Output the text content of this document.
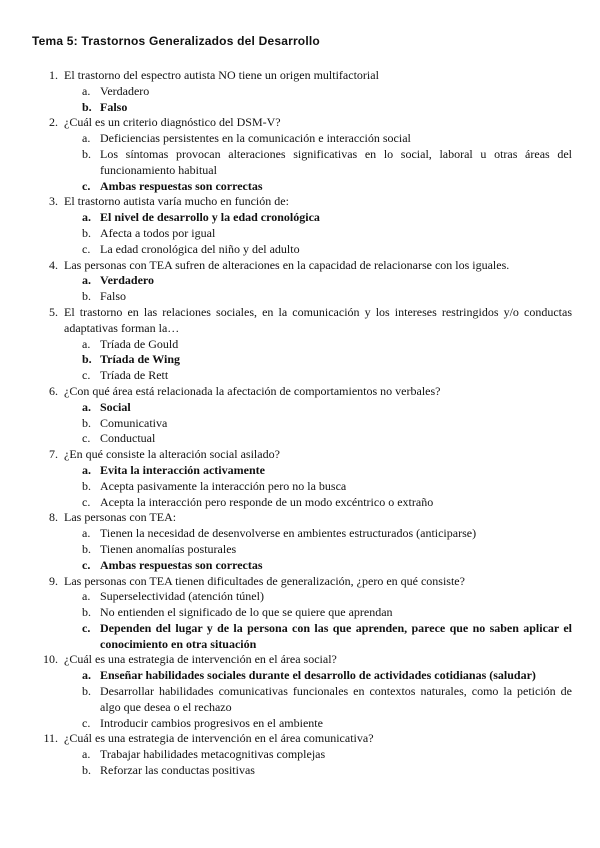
Tema 5: Trastornos Generalizados del Desarrollo
1. El trastorno del espectro autista NO tiene un origen multifactorial
a. Verdadero
b. Falso
2. ¿Cuál es un criterio diagnóstico del DSM-V?
a. Deficiencias persistentes en la comunicación e interacción social
b. Los síntomas provocan alteraciones significativas en lo social, laboral u otras áreas del funcionamiento habitual
c. Ambas respuestas son correctas
3. El trastorno autista varía mucho en función de:
a. El nivel de desarrollo y la edad cronológica
b. Afecta a todos por igual
c. La edad cronológica del niño y del adulto
4. Las personas con TEA sufren de alteraciones en la capacidad de relacionarse con los iguales.
a. Verdadero
b. Falso
5. El trastorno en las relaciones sociales, en la comunicación y los intereses restringidos y/o conductas adaptativas forman la…
a. Tríada de Gould
b. Tríada de Wing
c. Tríada de Rett
6. ¿Con qué área está relacionada la afectación de comportamientos no verbales?
a. Social
b. Comunicativa
c. Conductual
7. ¿En qué consiste la alteración social asilado?
a. Evita la interacción activamente
b. Acepta pasivamente la interacción pero no la busca
c. Acepta la interacción pero responde de un modo excéntrico o extraño
8. Las personas con TEA:
a. Tienen la necesidad de desenvolverse en ambientes estructurados (anticiparse)
b. Tienen anomalías posturales
c. Ambas respuestas son correctas
9. Las personas con TEA tienen dificultades de generalización, ¿pero en qué consiste?
a. Superselectividad (atención túnel)
b. No entienden el significado de lo que se quiere que aprendan
c. Dependen del lugar y de la persona con las que aprenden, parece que no saben aplicar el conocimiento en otra situación
10. ¿Cuál es una estrategia de intervención en el área social?
a. Enseñar habilidades sociales durante el desarrollo de actividades cotidianas (saludar)
b. Desarrollar habilidades comunicativas funcionales en contextos naturales, como la petición de algo que desea o el rechazo
c. Introducir cambios progresivos en el ambiente
11. ¿Cuál es una estrategia de intervención en el área comunicativa?
a. Trabajar habilidades metacognitivas complejas
b. Reforzar las conductas positivas
